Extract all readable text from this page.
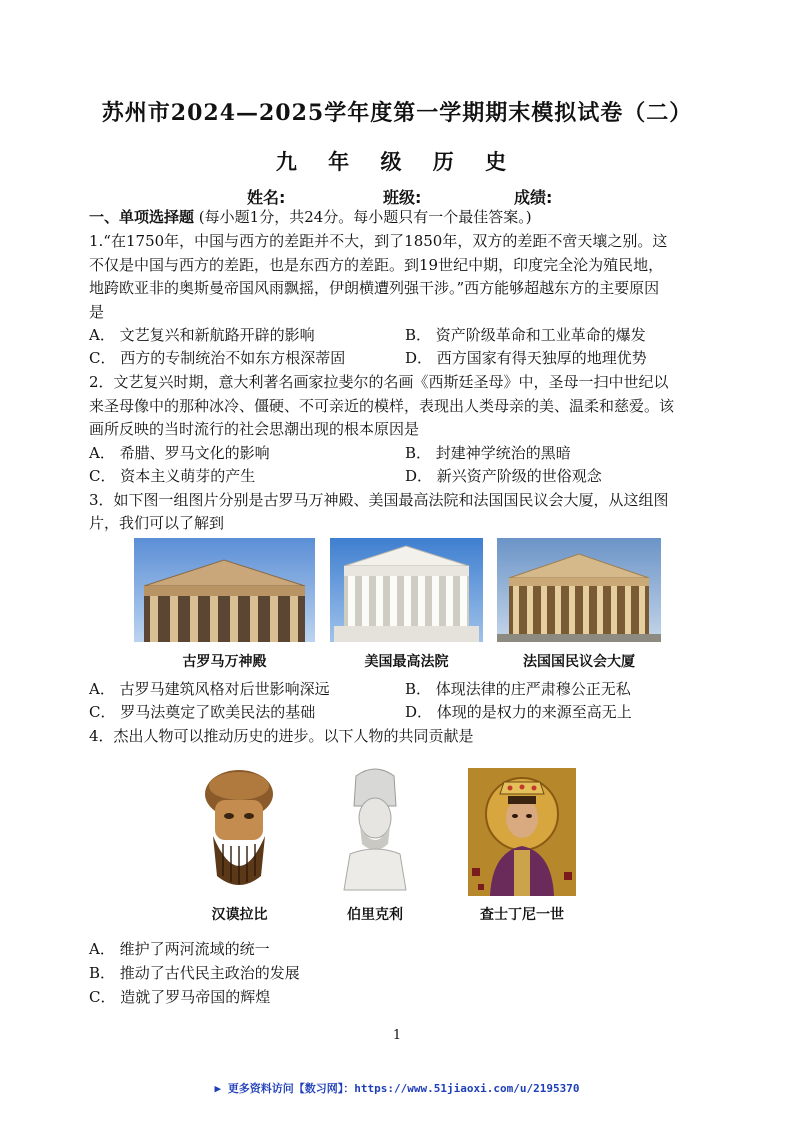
苏州市2024—2025学年度第一学期期末模拟试卷（二）
九 年 级 历 史
姓名:	班级:	成绩:
一、单项选择题 (每小题1分，共24分。每小题只有一个最佳答案。)
1.“在1750年，中国与西方的差距并不大，到了1850年，双方的差距不啻天壤之别。这
不仅是中国与西方的差距，也是东西方的差距。到19世纪中期，印度完全沦为殖民地，
地跨欧亚非的奥斯曼帝国风雨飘摇，伊朗横遭列强干涉。”西方能够超越东方的主要原因
是
A． 文艺复兴和新航路开辟的影响	B． 资产阶级革命和工业革命的爆发
C． 西方的专制统治不如东方根深蒂固	D． 西方国家有得天独厚的地理优势
2．文艺复兴时期，意大利著名画家拉斐尔的名画《西斯廷圣母》中，圣母一扫中世纪以
来圣母像中的那种冰冷、僵硬、不可亲近的模样，表现出人类母亲的美、温柔和慈爱。该
画所反映的当时流行的社会思潮出现的根本原因是
A． 希腊、罗马文化的影响	B． 封建神学统治的黑暗
C． 资本主义萌芽的产生	D． 新兴资产阶级的世俗观念
3．如下图一组图片分别是古罗马万神殿、美国最高法院和法国国民议会大厦，从这组图
片，我们可以了解到
古罗马万神殿	美国最高法院	法国国民议会大厦
A． 古罗马建筑风格对后世影响深远	B． 体现法律的庄严肃穆公正无私
C． 罗马法奠定了欧美民法的基础	D． 体现的是权力的来源至高无上
4．杰出人物可以推动历史的进步。以下人物的共同贡献是
汉谟拉比	伯里克利	查士丁尼一世
A． 维护了两河流域的统一
B． 推动了古代民主政治的发展
C． 造就了罗马帝国的辉煌
1
▶ 更多资料访问【数习网】：https://www.51jiaoxi.com/u/2195370
